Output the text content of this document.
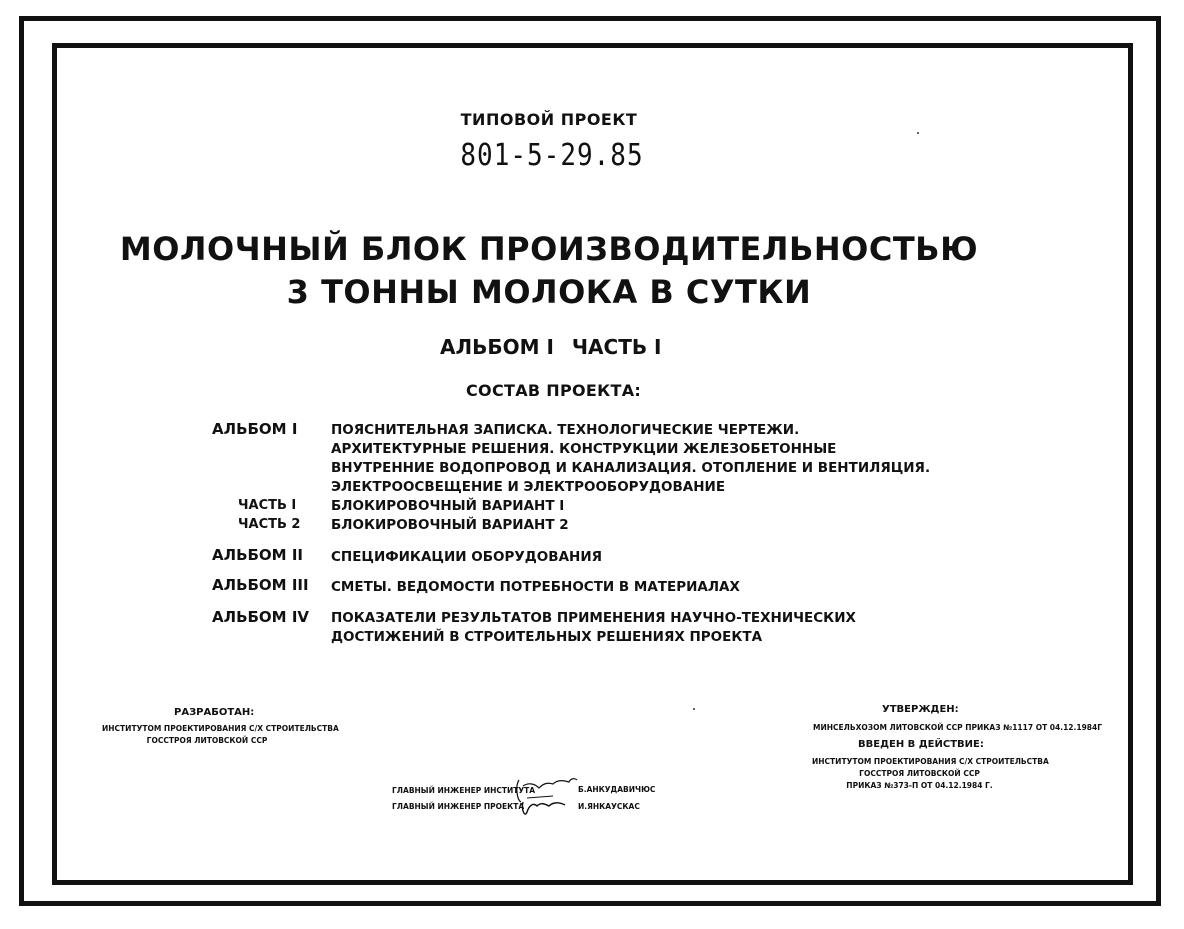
ТИПОВОЙ ПРОЕКТ
801-5-29.85
МОЛОЧНЫЙ БЛОК ПРОИЗВОДИТЕЛЬНОСТЬЮ
3 ТОННЫ МОЛОКА В СУТКИ
АЛЬБОМ I ЧАСТЬ I
СОСТАВ ПРОЕКТА:
АЛЬБОМ I ПОЯСНИТЕЛЬНАЯ ЗАПИСКА. ТЕХНОЛОГИЧЕСКИЕ ЧЕРТЕЖИ.
АРХИТЕКТУРНЫЕ РЕШЕНИЯ. КОНСТРУКЦИИ ЖЕЛЕЗОБЕТОННЫЕ
ВНУТРЕННИЕ ВОДОПРОВОД И КАНАЛИЗАЦИЯ. ОТОПЛЕНИЕ И ВЕНТИЛЯЦИЯ.
ЭЛЕКТРООСВЕЩЕНИЕ И ЭЛЕКТРООБОРУДОВАНИЕ
БЛОКИРОВОЧНЫЙ ВАРИАНТ I
БЛОКИРОВОЧНЫЙ ВАРИАНТ 2
ЧАСТЬ I
ЧАСТЬ 2
АЛЬБОМ II СПЕЦИФИКАЦИИ ОБОРУДОВАНИЯ
АЛЬБОМ III СМЕТЫ. ВЕДОМОСТИ ПОТРЕБНОСТИ В МАТЕРИАЛАХ
АЛЬБОМ IV ПОКАЗАТЕЛИ РЕЗУЛЬТАТОВ ПРИМЕНЕНИЯ НАУЧНО-ТЕХНИЧЕСКИХ
ДОСТИЖЕНИЙ В СТРОИТЕЛЬНЫХ РЕШЕНИЯХ ПРОЕКТА
РАЗРАБОТАН:
ИНСТИТУТОМ ПРОЕКТИРОВАНИЯ С/Х СТРОИТЕЛЬСТВА
ГОССТРОЯ ЛИТОВСКОЙ ССР
УТВЕРЖДЕН:
МИНСЕЛЬХОЗОМ ЛИТОВСКОЙ ССР ПРИКАЗ №1117 ОТ 04.12.1984Г
ВВЕДЕН В ДЕЙСТВИЕ:
ИНСТИТУТОМ ПРОЕКТИРОВАНИЯ С/Х СТРОИТЕЛЬСТВА
ГОССТРОЯ ЛИТОВСКОЙ ССР
ПРИКАЗ №373-П ОТ 04.12.1984 Г.
ГЛАВНЫЙ ИНЖЕНЕР ИНСТИТУТА
ГЛАВНЫЙ ИНЖЕНЕР ПРОЕКТА
Б.АНКУДАВИЧЮС
И.ЯНКАУСКАС
